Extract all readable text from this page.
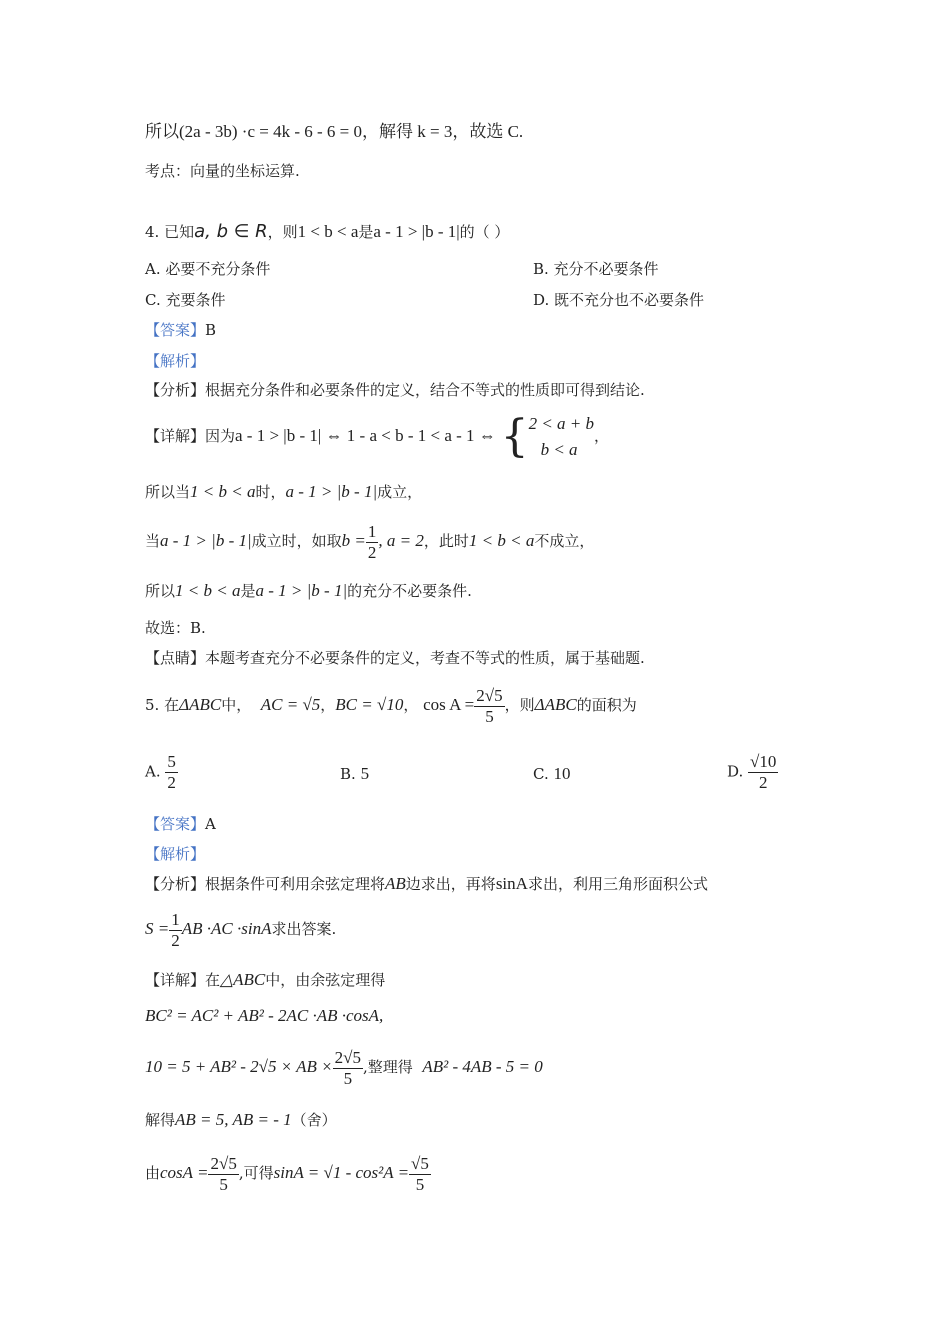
所以(2a - 3b) ·c = 4k - 6 - 6 = 0，解得 k = 3，故选 C.
考点：向量的坐标运算.
4. 已知a, b ∈ R，则1 < b < a是a - 1 > |b - 1|的（ ）
A. 必要不充分条件	B. 充分不必要条件
C. 充要条件	D. 既不充分也不必要条件
【答案】B
【解析】
【分析】根据充分条件和必要条件的定义，结合不等式的性质即可得到结论.
【详解】因为a - 1 > |b - 1| ⇔ 1 - a < b - 1 < a - 1 ⇔ { 2 < a + b
b < a
，
所以当1 < b < a时，a - 1 > |b - 1|成立，
当a - 1 > |b - 1|成立时，如取$b = \frac{1}{2}$ , a = 2，此时1 < b < a不成立，
所以1 < b < a是a - 1 > |b - 1|的充分不必要条件.
故选：B.
【点睛】本题考查充分不必要条件的定义，考查不等式的性质，属于基础题.
5. 在ΔABC中， AC = √5，BC = √10， $\cos A = \frac{2√5}{5}$ ，则ΔABC的面积为
A. $\frac{5}{2}$	B. 5	C. 10	D. $\frac{√10}{2}$
【答案】A
【解析】
【分析】根据条件可利用余弦定理将AB边求出，再将sinA求出，利用三角形面积公式
$S = \frac{1}{2}$ AB ·AC ·sinA求出答案.
【详解】在△ABC中，由余弦定理得
BC² = AC² + AB² - 2AC ·AB ·cosA,
10 = 5 + AB² - 2√5 × AB × $\frac{2√5}{5}$ ,整理得 AB² - 4AB - 5 = 0
解得AB = 5, AB = - 1（舍）
由$\cos A = \frac{2√5}{5}$ ,可得$\sin A = √1 - \cos^2A = \frac{√5}{5}$
